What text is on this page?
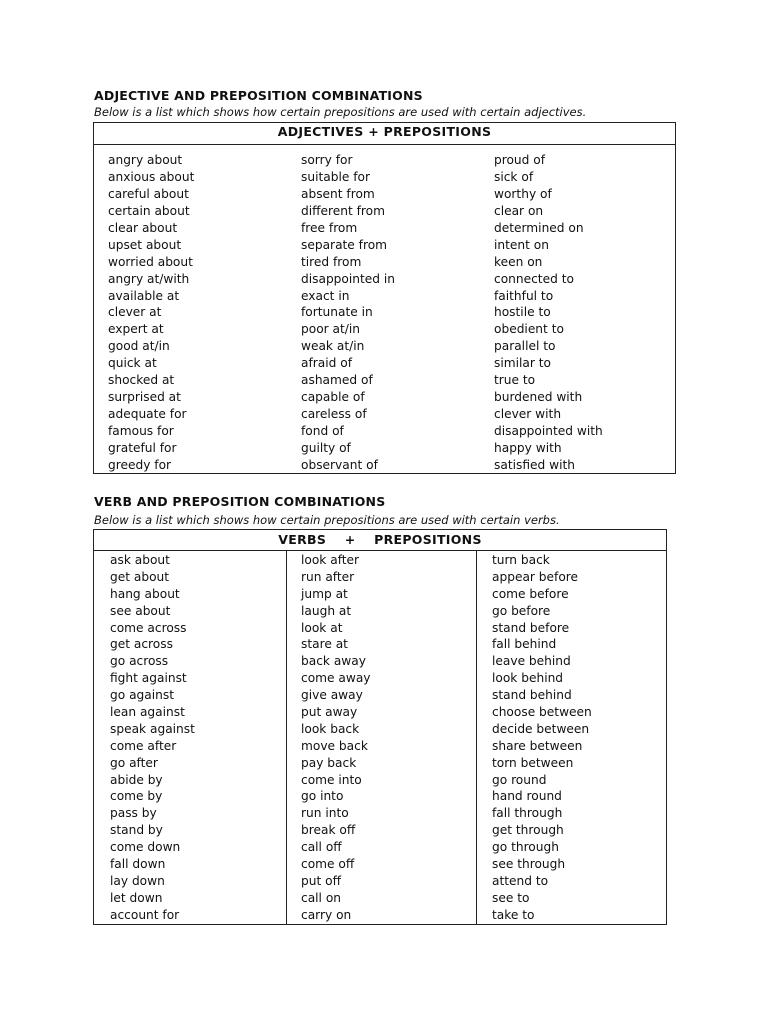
ADJECTIVE AND PREPOSITION COMBINATIONS
Below is a list which shows how certain prepositions are used with certain adjectives.
ADJECTIVES + PREPOSITIONS
angry about
anxious about
careful about
certain about
clear about
upset about
worried about
angry at/with
available at
clever at
expert at
good at/in
quick at
shocked at
surprised at
adequate for
famous for
grateful for
greedy for
sorry for
suitable for
absent from
different from
free from
separate from
tired from
disappointed in
exact in
fortunate in
poor at/in
weak at/in
afraid of
ashamed of
capable of
careless of
fond of
guilty of
observant of
proud of
sick of
worthy of
clear on
determined on
intent on
keen on
connected to
faithful to
hostile to
obedient to
parallel to
similar to
true to
burdened with
clever with
disappointed with
happy with
satisfied with
VERB AND PREPOSITION COMBINATIONS
Below is a list which shows how certain prepositions are used with certain verbs.
VERBS    +    PREPOSITIONS
ask about
get about
hang about
see about
come across
get across
go across
fight against
go against
lean against
speak against
come after
go after
abide by
come by
pass by
stand by
come down
fall down
lay down
let down
account for
look after
run after
jump at
laugh at
look at
stare at
back away
come away
give away
put away
look back
move back
pay back
come into
go into
run into
break off
call off
come off
put off
call on
carry on
turn back
appear before
come before
go before
stand before
fall behind
leave behind
look behind
stand behind
choose between
decide between
share between
torn between
go round
hand round
fall through
get through
go through
see through
attend to
see to
take to
